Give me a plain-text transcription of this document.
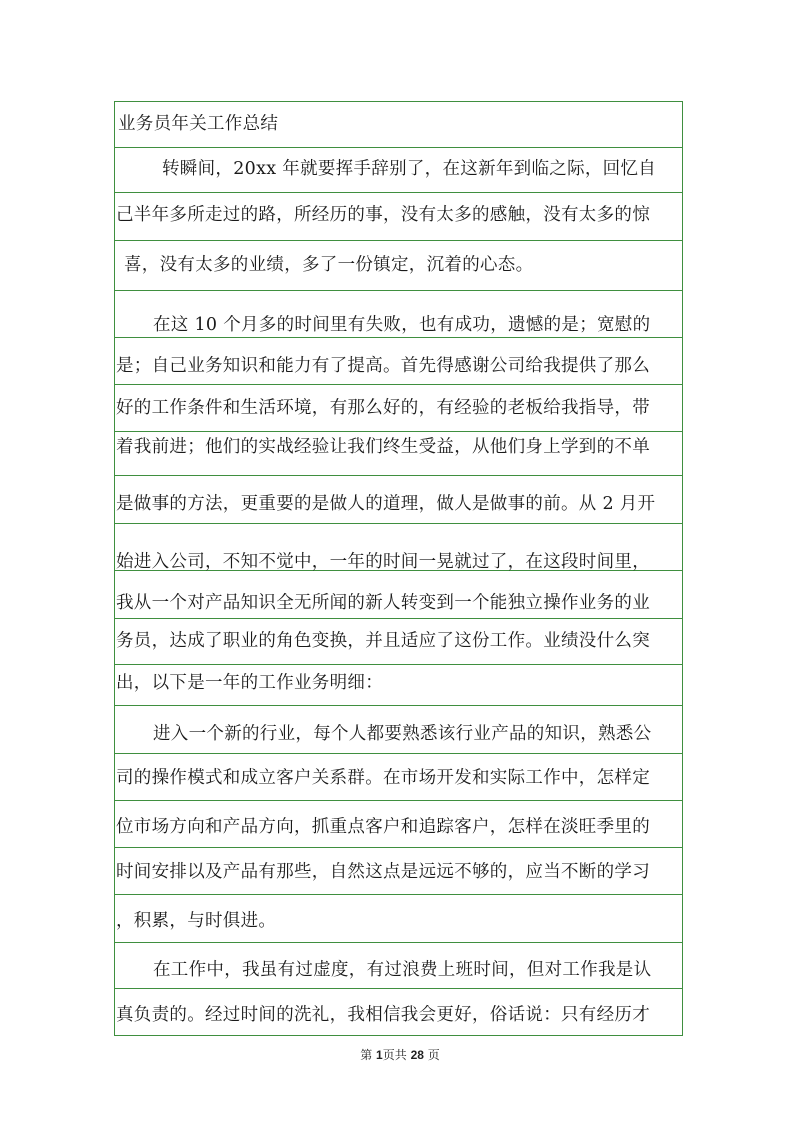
业务员年关工作总结
转瞬间，20xx 年就要挥手辞别了，在这新年到临之际，回忆自
己半年多所走过的路，所经历的事，没有太多的感触，没有太多的惊
喜，没有太多的业绩，多了一份镇定，沉着的心态。
在这 10 个月多的时间里有失败，也有成功，遗憾的是；宽慰的
是；自己业务知识和能力有了提高。首先得感谢公司给我提供了那么
好的工作条件和生活环境，有那么好的，有经验的老板给我指导，带
着我前进；他们的实战经验让我们终生受益，从他们身上学到的不单
是做事的方法，更重要的是做人的道理，做人是做事的前。从 2 月开
始进入公司，不知不觉中，一年的时间一晃就过了，在这段时间里，
我从一个对产品知识全无所闻的新人转变到一个能独立操作业务的业
务员，达成了职业的角色变换，并且适应了这份工作。业绩没什么突
出，以下是一年的工作业务明细：
进入一个新的行业，每个人都要熟悉该行业产品的知识，熟悉公
司的操作模式和成立客户关系群。在市场开发和实际工作中，怎样定
位市场方向和产品方向，抓重点客户和追踪客户，怎样在淡旺季里的
时间安排以及产品有那些，自然这点是远远不够的，应当不断的学习
，积累，与时俱进。
在工作中，我虽有过虚度，有过浪费上班时间，但对工作我是认
真负责的。经过时间的洗礼，我相信我会更好，俗话说：只有经历才
第 1页共 28 页
